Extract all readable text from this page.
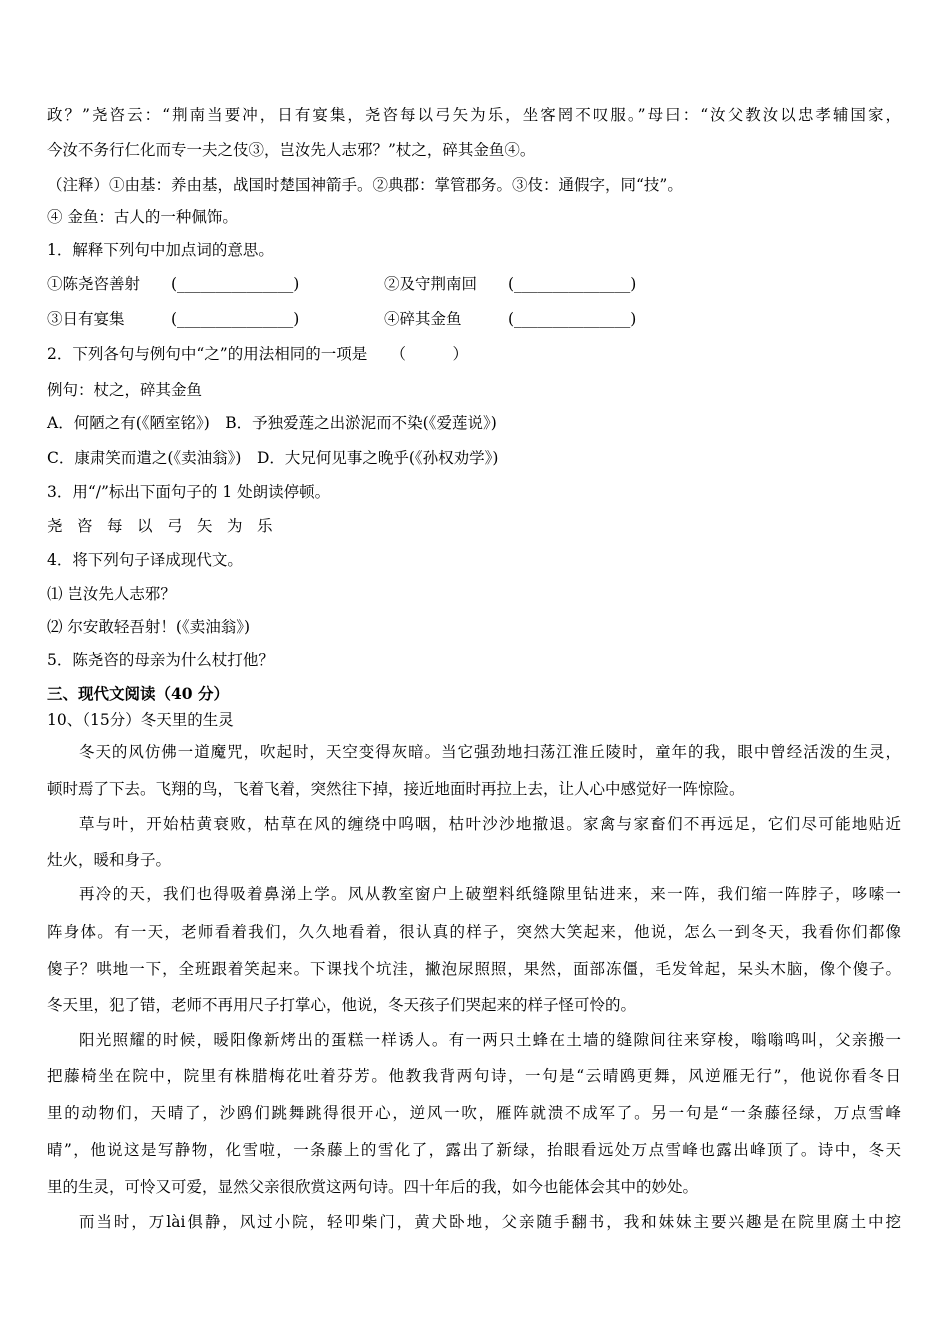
政？”尧咨云：“荆南当要冲，日有宴集，尧咨每以弓矢为乐，坐客罔不叹服。”母曰：“汝父教汝以忠孝辅国家，
今汝不务行仁化而专一夫之伎③，岂汝先人志邪？”杖之，碎其金鱼④。
（注释）①由基：养由基，战国时楚国神箭手。②典郡：掌管郡务。③伎：通假字，同“技”。
④ 金鱼：古人的一种佩饰。
1．解释下列句中加点词的意思。
①陈尧咨善射　　(_______________)	②及守荆南回　　(_______________)
③日有宴集　　　(_______________)	④碎其金鱼　　　(_______________)
2．下列各句与例句中“之”的用法相同的一项是　　（　　　）
例句：杖之，碎其金鱼
A．何陋之有(《陋室铭》)　B．予独爱莲之出淤泥而不染(《爱莲说》)
C．康肃笑而遣之(《卖油翁》)　D．大兄何见事之晚乎(《孙权劝学》)
3．用“/”标出下面句子的 1 处朗读停顿。
尧咨每以弓矢为乐
4．将下列句子译成现代文。
⑴ 岂汝先人志邪？
⑵ 尔安敢轻吾射！(《卖油翁》)
5．陈尧咨的母亲为什么杖打他？
三、现代文阅读（40 分）
10、（15分）冬天里的生灵
冬天的风仿佛一道魔咒，吹起时，天空变得灰暗。当它强劲地扫荡江淮丘陵时，童年的我，眼中曾经活泼的生灵，
顿时焉了下去。飞翔的鸟，飞着飞着，突然往下掉，接近地面时再拉上去，让人心中感觉好一阵惊险。
草与叶，开始枯黄衰败，枯草在风的缠绕中呜咽，枯叶沙沙地撤退。家禽与家畜们不再远足，它们尽可能地贴近
灶火，暖和身子。
再冷的天，我们也得吸着鼻涕上学。风从教室窗户上破塑料纸缝隙里钻进来，来一阵，我们缩一阵脖子，哆嗦一
阵身体。有一天，老师看着我们，久久地看着，很认真的样子，突然大笑起来，他说，怎么一到冬天，我看你们都像
傻子？哄地一下，全班跟着笑起来。下课找个坑洼，撇泡尿照照，果然，面部冻僵，毛发耸起，呆头木脑，像个傻子。
冬天里，犯了错，老师不再用尺子打掌心，他说，冬天孩子们哭起来的样子怪可怜的。
阳光照耀的时候，暖阳像新烤出的蛋糕一样诱人。有一两只土蜂在土墙的缝隙间往来穿梭，嗡嗡鸣叫，父亲搬一
把藤椅坐在院中，院里有株腊梅花吐着芬芳。他教我背两句诗，一句是“云晴鸥更舞，风逆雁无行”，他说你看冬日
里的动物们，天晴了，沙鸥们跳舞跳得很开心，逆风一吹，雁阵就溃不成军了。另一句是“一条藤径绿，万点雪峰
晴”，他说这是写静物，化雪啦，一条藤上的雪化了，露出了新绿，抬眼看远处万点雪峰也露出峰顶了。诗中，冬天
里的生灵，可怜又可爱，显然父亲很欣赏这两句诗。四十年后的我，如今也能体会其中的妙处。
而当时，万lài俱静，风过小院，轻叩柴门，黄犬卧地，父亲随手翻书，我和妹妹主要兴趣是在院里腐土中挖
